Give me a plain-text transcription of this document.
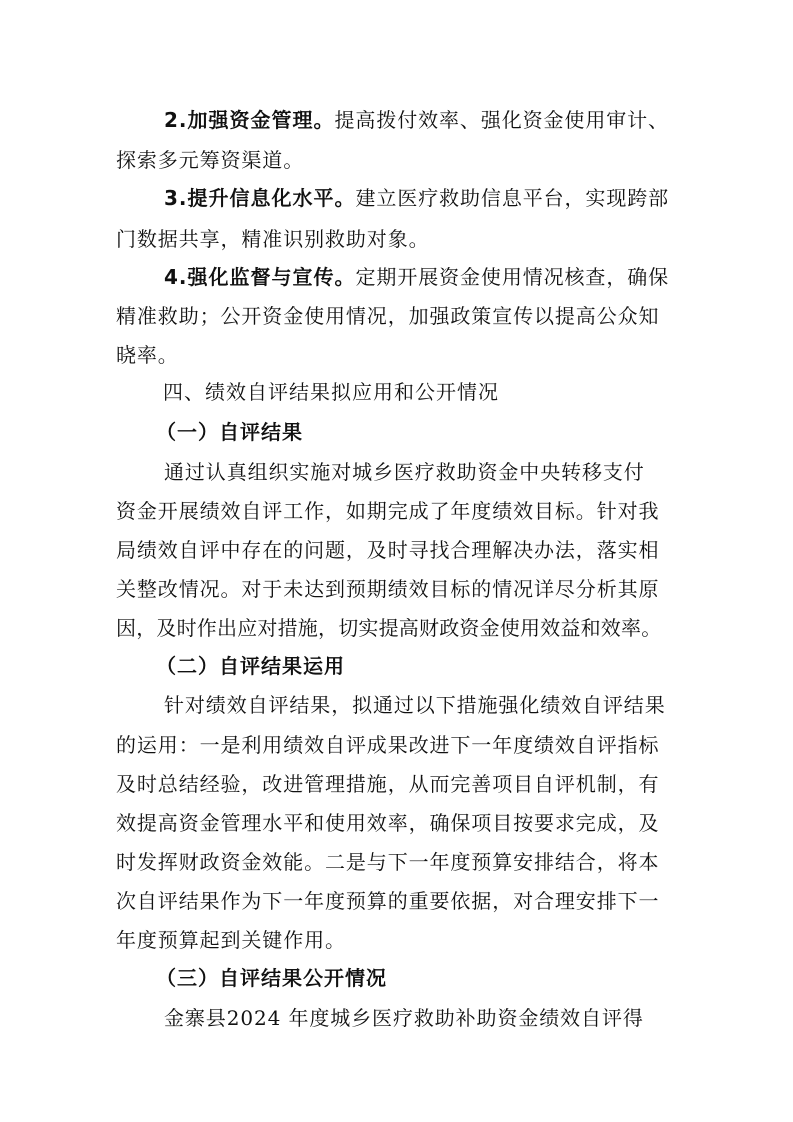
2.加强资金管理。提高拨付效率、强化资金使用审计、
探索多元筹资渠道。
3.提升信息化水平。建立医疗救助信息平台，实现跨部
门数据共享，精准识别救助对象。
4.强化监督与宣传。定期开展资金使用情况核查，确保
精准救助；公开资金使用情况，加强政策宣传以提高公众知
晓率。
四、绩效自评结果拟应用和公开情况
（一）自评结果
通过认真组织实施对城乡医疗救助资金中央转移支付
资金开展绩效自评工作，如期完成了年度绩效目标。针对我
局绩效自评中存在的问题，及时寻找合理解决办法，落实相
关整改情况。对于未达到预期绩效目标的情况详尽分析其原
因，及时作出应对措施，切实提高财政资金使用效益和效率。
（二）自评结果运用
针对绩效自评结果，拟通过以下措施强化绩效自评结果
的运用：一是利用绩效自评成果改进下一年度绩效自评指标
及时总结经验，改进管理措施，从而完善项目自评机制，有
效提高资金管理水平和使用效率，确保项目按要求完成，及
时发挥财政资金效能。二是与下一年度预算安排结合，将本
次自评结果作为下一年度预算的重要依据，对合理安排下一
年度预算起到关键作用。
（三）自评结果公开情况
金寨县2024 年度城乡医疗救助补助资金绩效自评得
